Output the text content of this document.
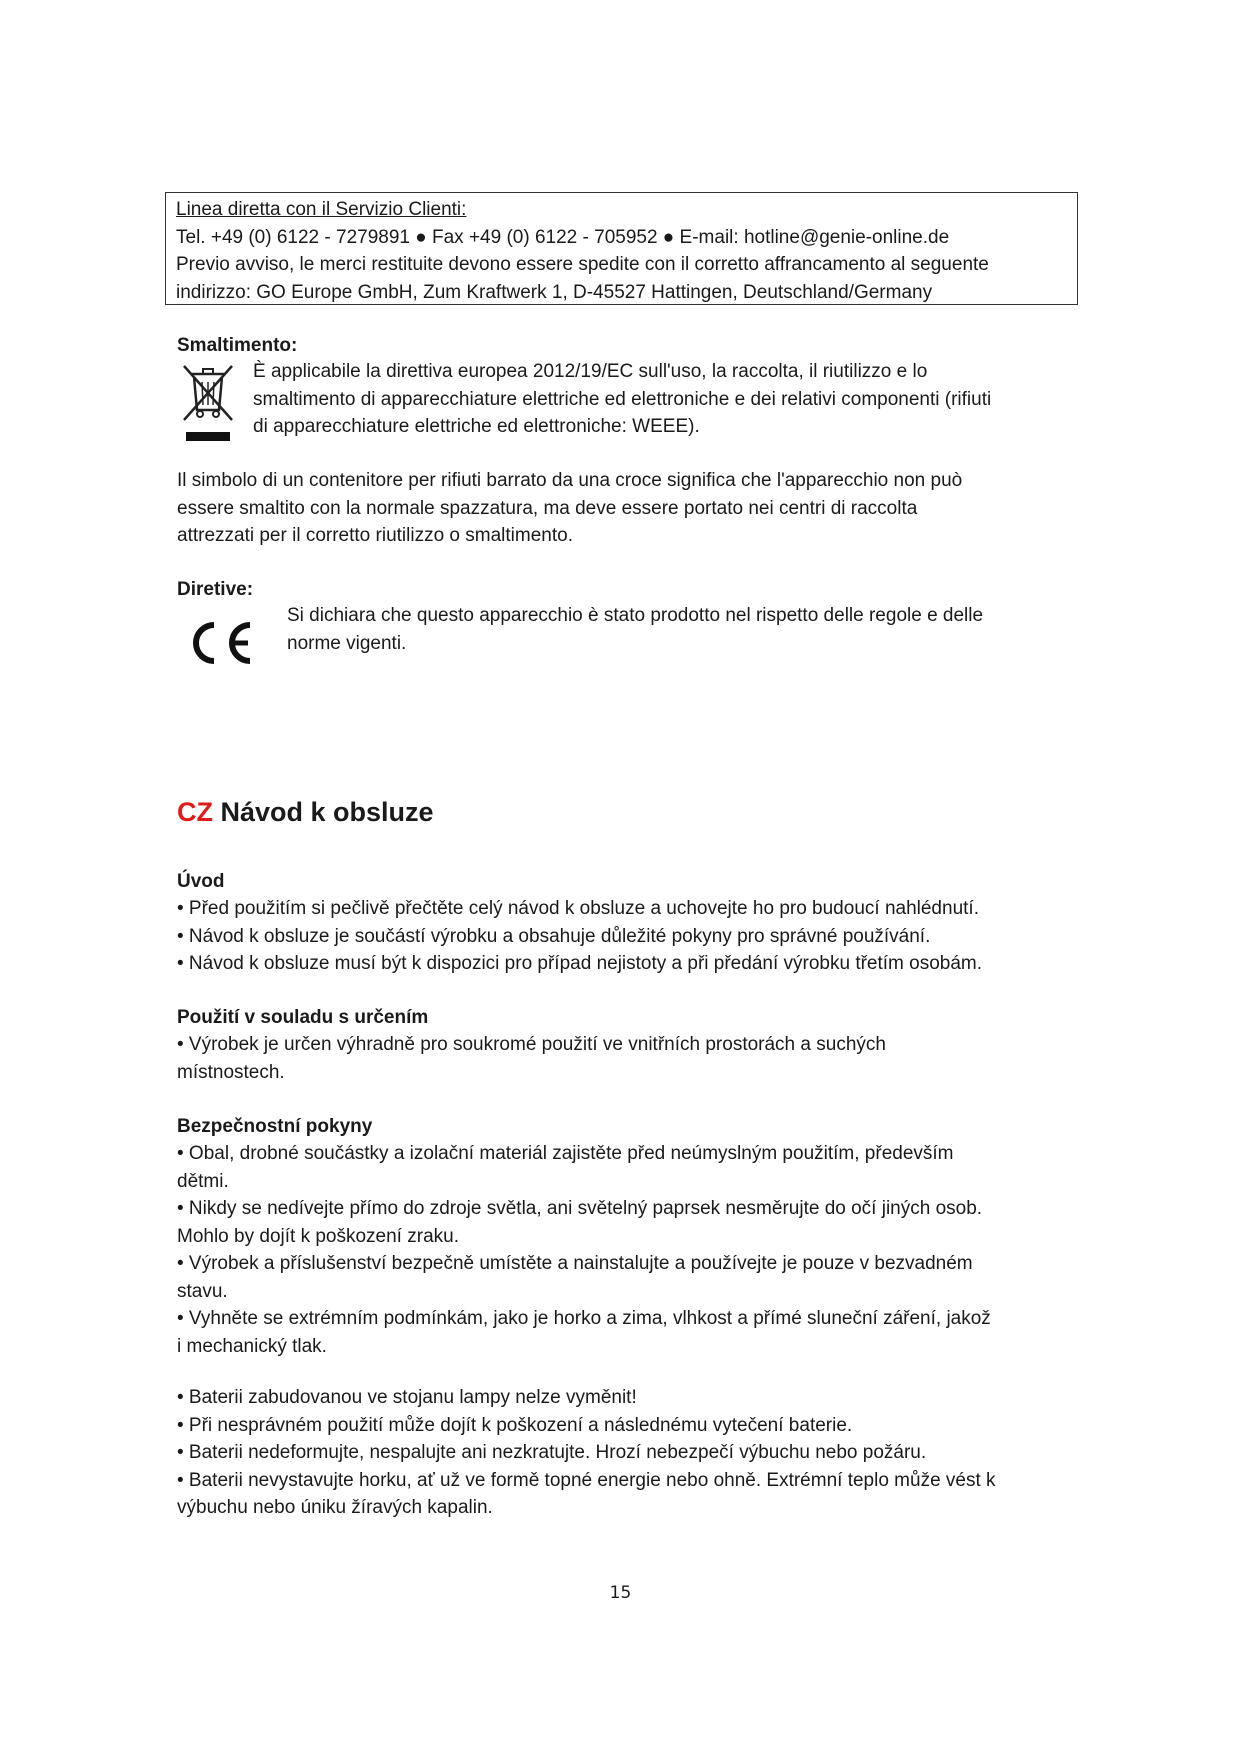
Linea diretta con il Servizio Clienti:
Tel. +49 (0) 6122 - 7279891 ● Fax +49 (0) 6122 - 705952 ● E-mail: hotline@genie-online.de
Previo avviso, le merci restituite devono essere spedite con il corretto affrancamento al seguente
indirizzo: GO Europe GmbH, Zum Kraftwerk 1, D-45527 Hattingen, Deutschland/Germany
Smaltimento:
È applicabile la direttiva europea 2012/19/EC sull'uso, la raccolta, il riutilizzo e lo
smaltimento di apparecchiature elettriche ed elettroniche e dei relativi componenti (rifiuti
di apparecchiature elettriche ed elettroniche: WEEE).
Il simbolo di un contenitore per rifiuti barrato da una croce significa che l'apparecchio non può
essere smaltito con la normale spazzatura, ma deve essere portato nei centri di raccolta
attrezzati per il corretto riutilizzo o smaltimento.
Diretive:
Si dichiara che questo apparecchio è stato prodotto nel rispetto delle regole e delle
norme vigenti.
CZ Návod k obsluze
Úvod
• Před použitím si pečlivě přečtěte celý návod k obsluze a uchovejte ho pro budoucí nahlédnutí.
• Návod k obsluze je součástí výrobku a obsahuje důležité pokyny pro správné používání.
• Návod k obsluze musí být k dispozici pro případ nejistoty a při předání výrobku třetím osobám.
Použití v souladu s určením
• Výrobek je určen výhradně pro soukromé použití ve vnitřních prostorách a suchých
místnostech.
Bezpečnostní pokyny
• Obal, drobné součástky a izolační materiál zajistěte před neúmyslným použitím, především
dětmi.
• Nikdy se nedívejte přímo do zdroje světla, ani světelný paprsek nesměrujte do očí jiných osob.
Mohlo by dojít k poškození zraku.
• Výrobek a příslušenství bezpečně umístěte a nainstalujte a používejte je pouze v bezvadném
stavu.
• Vyhněte se extrémním podmínkám, jako je horko a zima, vlhkost a přímé sluneční záření, jakož
i mechanický tlak.
• Baterii zabudovanou ve stojanu lampy nelze vyměnit!
• Při nesprávném použití může dojít k poškození a následnému vytečení baterie.
• Baterii nedeformujte, nespalujte ani nezkratujte. Hrozí nebezpečí výbuchu nebo požáru.
• Baterii nevystavujte horku, ať už ve formě topné energie nebo ohně. Extrémní teplo může vést k
výbuchu nebo úniku žíravých kapalin.
15
